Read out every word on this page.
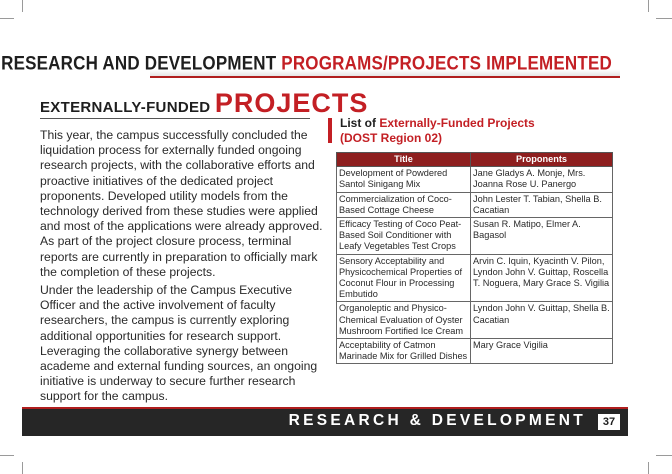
RESEARCH AND DEVELOPMENT PROGRAMS/PROJECTS IMPLEMENTED
EXTERNALLY-FUNDED PROJECTS

This year, the campus successfully concluded the liquidation process for externally funded ongoing research projects, with the collaborative efforts and proactive initiatives of the dedicated project proponents. Developed utility models from the technology derived from these studies were applied and most of the applications were already approved. As part of the project closure process, terminal reports are currently in preparation to officially mark the completion of these projects.

Under the leadership of the Campus Executive Officer and the active involvement of faculty researchers, the campus is currently exploring additional opportunities for research support. Leveraging the collaborative synergy between academe and external funding sources, an ongoing initiative is underway to secure further research support for the campus.

List of Externally-Funded Projects
(DOST Region 02)
Title	Proponents
Development of Powdered Santol Sinigang Mix	Jane Gladys A. Monje, Mrs. Joanna Rose U. Panergo
Commercialization of Coco-Based Cottage Cheese	John Lester T. Tabian, Shella B. Cacatian
Efficacy Testing of Coco Peat-Based Soil Conditioner with Leafy Vegetables Test Crops	Susan R. Matipo, Elmer A. Bagasol
Sensory Acceptability and Physicochemical Properties of Coconut Flour in Processing Embutido	Arvin C. Iquin, Kyacinth V. Pilon, Lyndon John V. Guittap, Roscella T. Noguera, Mary Grace S. Vigilia
Organoleptic and Physico-Chemical Evaluation of Oyster Mushroom Fortified Ice Cream	Lyndon John V. Guittap, Shella B. Cacatian
Acceptability of Catmon Marinade Mix for Grilled Dishes	Mary Grace Vigilia
RESEARCH & DEVELOPMENT	37
